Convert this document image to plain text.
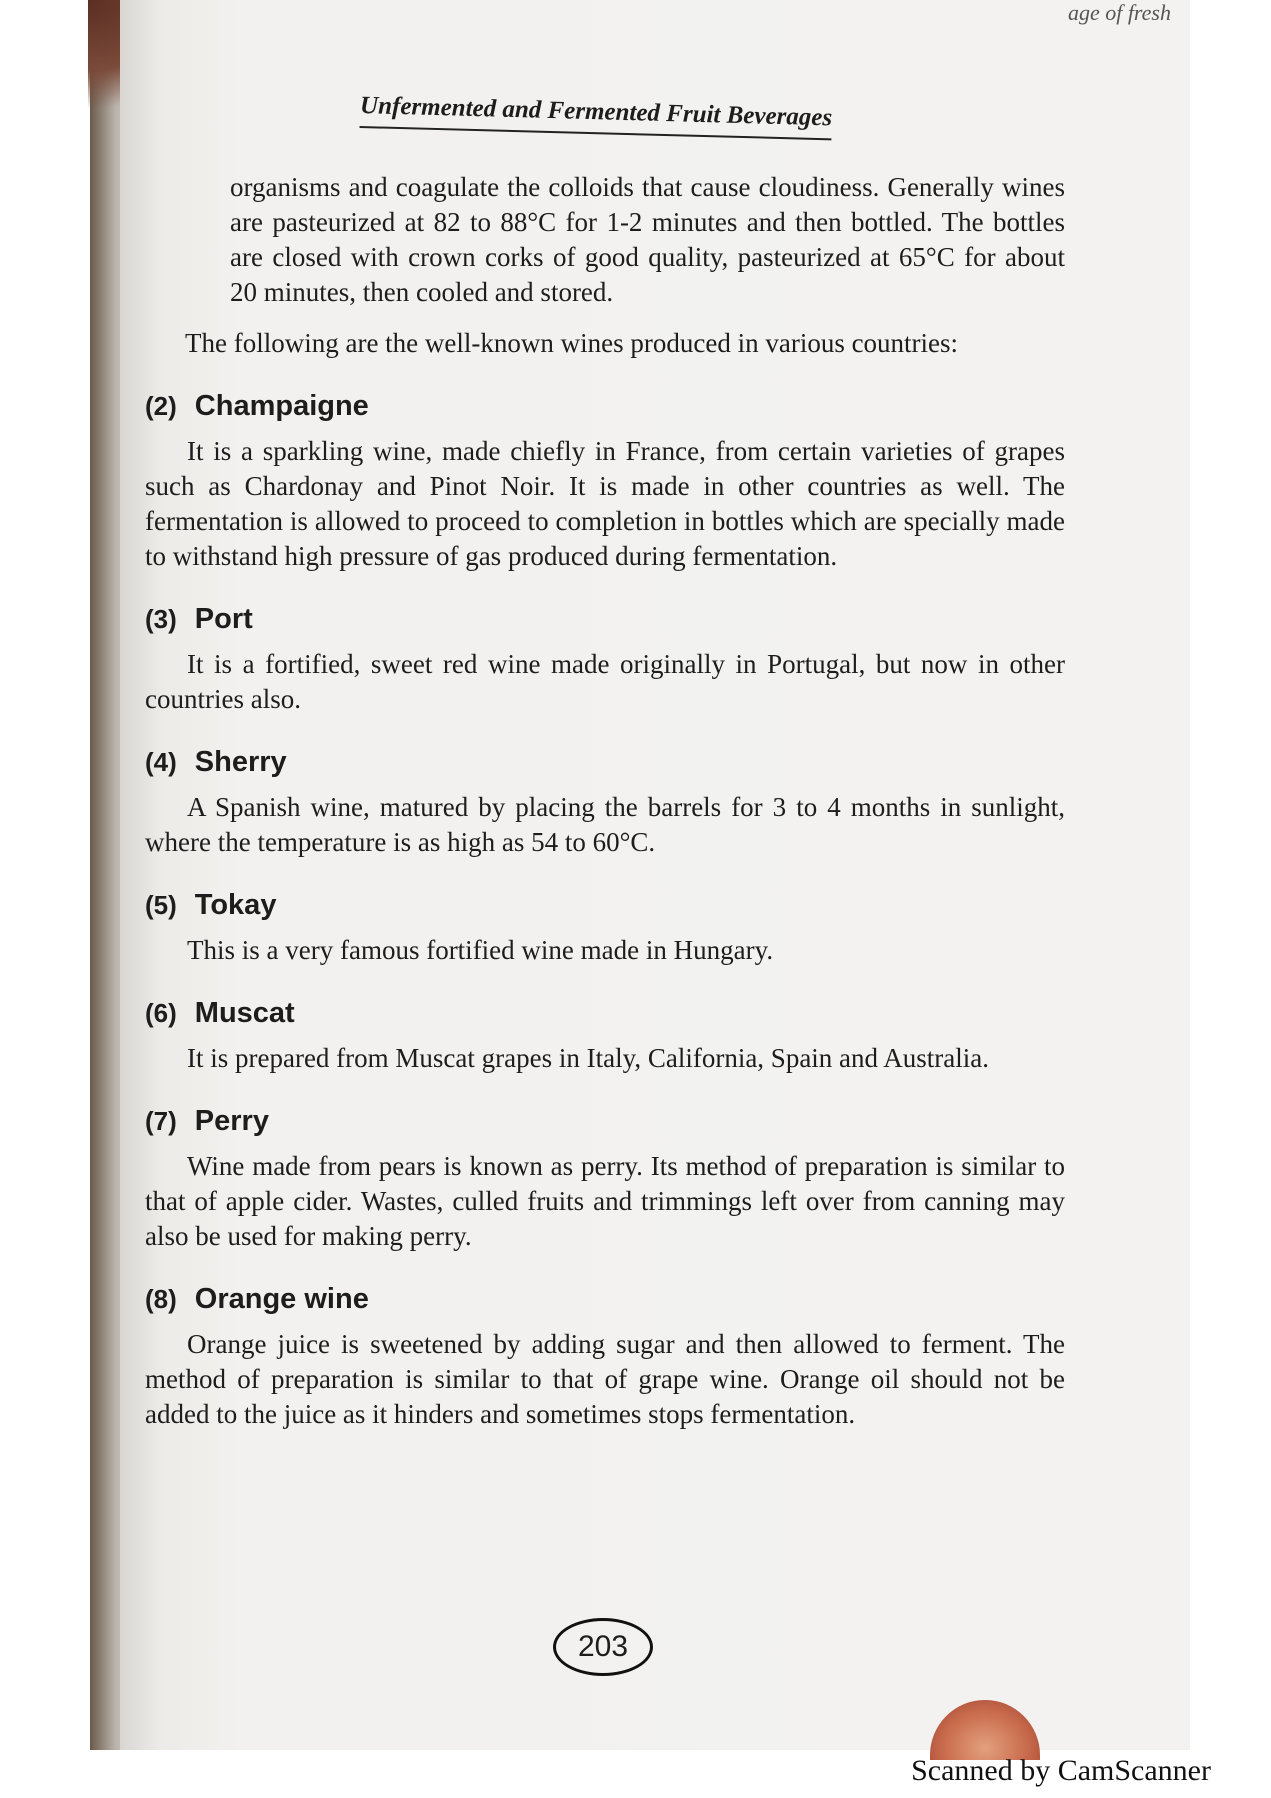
age of fresh
Unfermented and Fermented Fruit Beverages

organisms and coagulate the colloids that cause cloudiness. Generally wines are pasteurized at 82 to 88°C for 1-2 minutes and then bottled. The bottles are closed with crown corks of good quality, pasteurized at 65°C for about 20 minutes, then cooled and stored.

The following are the well-known wines produced in various countries:

(2) Champaigne

It is a sparkling wine, made chiefly in France, from certain varieties of grapes such as Chardonay and Pinot Noir. It is made in other countries as well. The fermentation is allowed to proceed to completion in bottles which are specially made to withstand high pressure of gas produced during fermentation.

(3) Port

It is a fortified, sweet red wine made originally in Portugal, but now in other countries also.

(4) Sherry

A Spanish wine, matured by placing the barrels for 3 to 4 months in sunlight, where the temperature is as high as 54 to 60°C.

(5) Tokay

This is a very famous fortified wine made in Hungary.

(6) Muscat

It is prepared from Muscat grapes in Italy, California, Spain and Australia.

(7) Perry

Wine made from pears is known as perry. Its method of preparation is similar to that of apple cider. Wastes, culled fruits and trimmings left over from canning may also be used for making perry.

(8) Orange wine

Orange juice is sweetened by adding sugar and then allowed to ferment. The method of preparation is similar to that of grape wine. Orange oil should not be added to the juice as it hinders and sometimes stops fermentation.

203
Scanned by CamScanner
